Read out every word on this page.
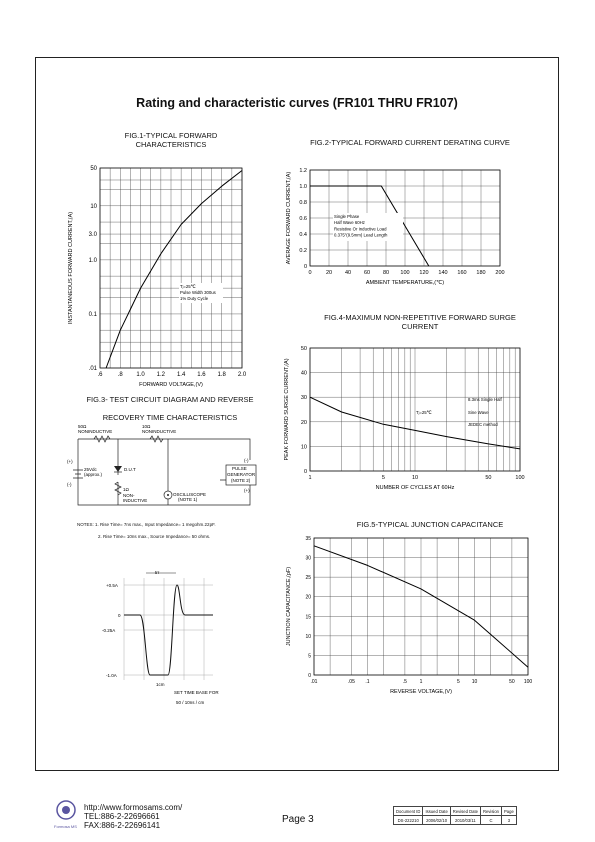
Rating and characteristic curves (FR101 THRU FR107)
FIG.1-TYPICAL FORWARD CHARACTERISTICS
.6	.8 1.0 1.2 1.4 1.6 1.8 2.0
.01
0.1
1.0
3.0
10
50
FORWARD VOLTAGE,(V)
INSTANTANEOUS FORWARD CURRENT,(A)	Tⱼ=25℃
Pulse Width 300us
1% Duty Cycle
FIG.2-TYPICAL FORWARD CURRENT DERATING CURVE
0	20 40 60 80 100 120 140 160 180 200
0
0.2
0.4
0.6
0.8
1.0
1.2
AMBIENT TEMPERATURE,(℃)
AVERAGE FORWARD CURRENT,(A)	Single Phase
Half Wave 60Hz
Resistive Or Inductive Load
0.375"(9.5mm) Lead Length
FIG.4-MAXIMUM NON-REPETITIVE FORWARD SURGE CURRENT
1	5	10	50	100
0
10
20
30
40
50
NUMBER OF CYCLES AT 60Hz
PEAK FORWARD SURGE CURRENT,(A)	Tⱼ=25℃
8.3ms Single Half
Sine Wave
JEDEC method
FIG.5-TYPICAL JUNCTION CAPACITANCE
.01	.05 .1	.5	1	5 10	50 100
0
5
10
15
20
25
30
35
REVERSE VOLTAGE,(V)
JUNCTION CAPACITANCE,(pF)
FIG.3- TEST CIRCUIT DIAGRAM AND REVERSE RECOVERY TIME CHARACTERISTICS
50Ω
NONINDUCTIVE
10Ω
NONINDUCTIVE
(+)
25Vdc
(approx.)
(-)
D.U.T
1Ω
NON-
INDUCTIVE
OSCILLISCOPE
(NOTE 1)
PULSE
GENERATOR
(NOTE 2)
(-)
(+)
NOTES: 1. Rise Time= 7ns max., Input Impedance= 1 megohm.22pF.
2. Rise Time= 10ns max., Source Impedance= 50 ohms.
trr
+0.5A
0
-0.25A
-1.0A
1cm
SET TIME BASE FOR
50 / 10ns / cm
Formosa MS
http://www.formosams.com/
TEL:886-2-22696661
FAX:886-2-22696141
Page 3
Document ID	Issued Date	Revised Date	Revision	Page
DS-222210	2006/02/10	2010/03/11	C	3
